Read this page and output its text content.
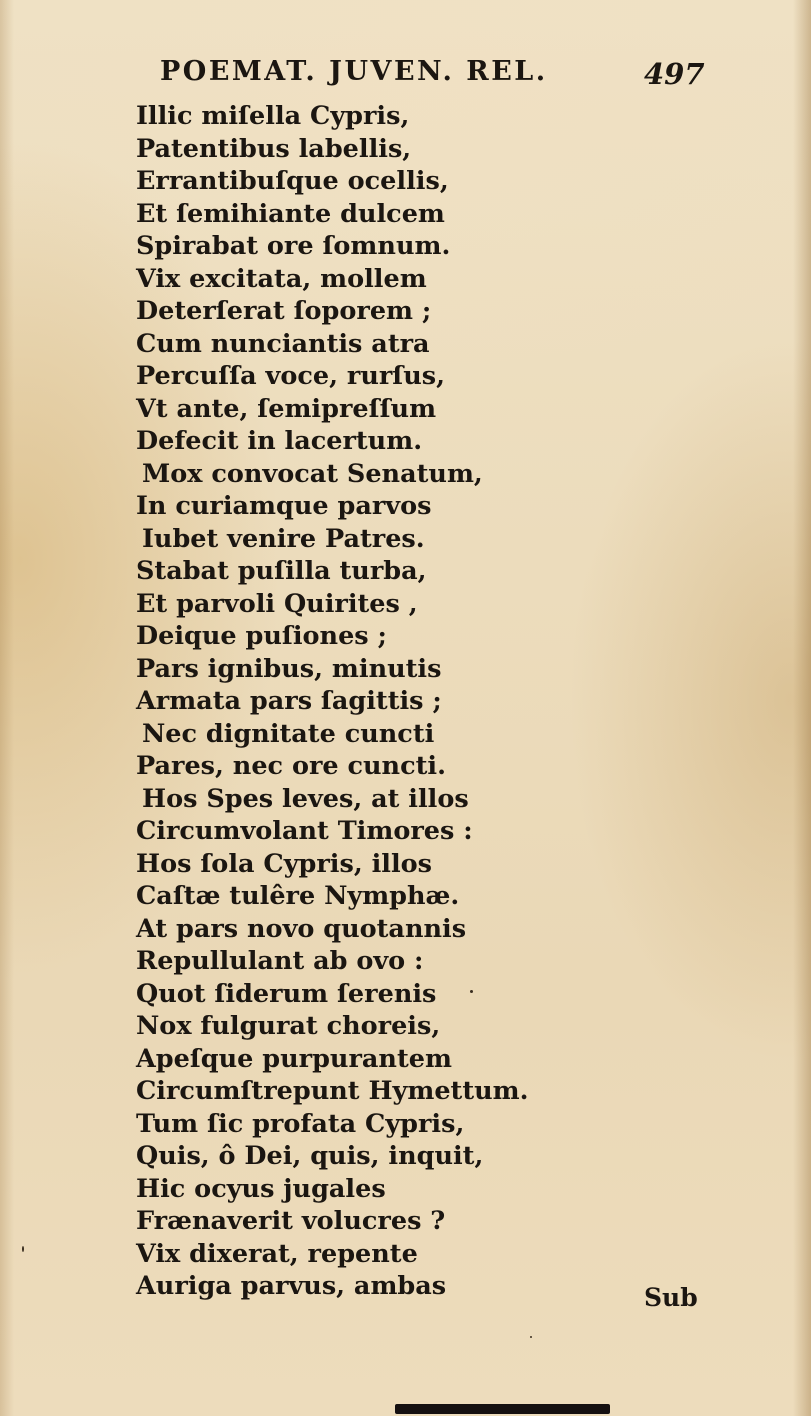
POEMAT. JUVEN. REL.	497
Illic miſella Cypris,
Patentibus labellis,
Errantibuſque ocellis,
Et ſemihiante dulcem
Spirabat ore ſomnum.
Vix excitata, mollem
Deterſerat ſoporem ;
Cum nunciantis atra
Percuſſa voce, rurſus,
Vt ante, ſemipreſſum
Defecit in lacertum.
Mox convocat Senatum,
In curiamque parvos
Iubet venire Patres.
Stabat puſilla turba,
Et parvoli Quirites ,
Deique puſiones ;
Pars ignibus, minutis
Armata pars ſagittis ;
Nec dignitate cuncti
Pares, nec ore cuncti.
Hos Spes leves, at illos
Circumvolant Timores :
Hos ſola Cypris, illos
Caſtæ tulêre Nymphæ.
At pars novo quotannis
Repullulant ab ovo :
Quot ſiderum ſerenis
Nox fulgurat choreis,
Apeſque purpurantem
Circumſtrepunt Hymettum.
Tum ſic profata Cypris,
Quis, ô Dei, quis, inquit,
Hic ocyus jugales
Frænaverit volucres ?
Vix dixerat, repente
Auriga parvus, ambas	Sub
